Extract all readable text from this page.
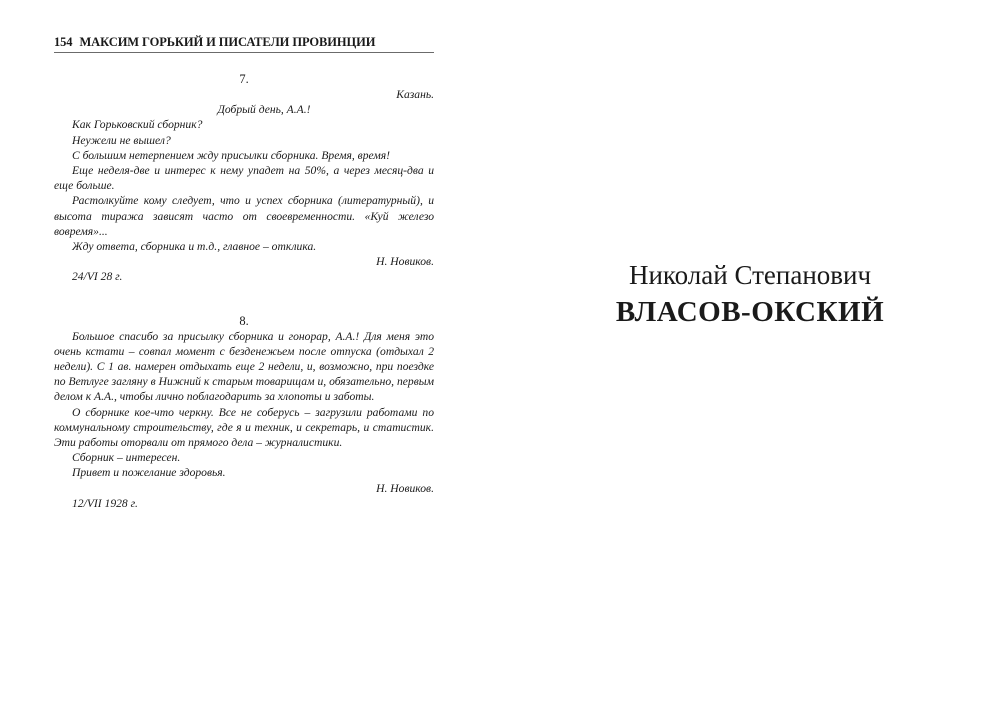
154 МАКСИМ ГОРЬКИЙ И ПИСАТЕЛИ ПРОВИНЦИИ
7.
Казань.
Добрый день, А.А.!

Как Горьковский сборник?

Неужели не вышел?

С большим нетерпением жду присылки сборника. Время, время!

Еще неделя-две и интерес к нему упадет на 50%, а через месяц-два и еще больше.

Растолкуйте кому следует, что и успех сборника (литературный), и высота тиража зависят часто от своевременности. «Куй железо вовремя»...

Жду ответа, сборника и т.д., главное – отклика.

Н. Новиков.
24/VI 28 г.
8.

Большое спасибо за присылку сборника и гонорар, А.А.! Для меня это очень кстати – совпал момент с безденежьем после отпуска (отдыхал 2 недели). С 1 ав. намерен отдыхать еще 2 недели, и, возможно, при поездке по Ветлуге загляну в Нижний к старым товарищам и, обязательно, первым делом к А.А., чтобы лично поблагодарить за хлопоты и заботы.

О сборнике кое-что черкну. Все не соберусь – загрузили работами по коммунальному строительству, где я и техник, и секретарь, и статистик. Эти работы оторвали от прямого дела – журналистики.

Сборник – интересен.

Привет и пожелание здоровья.

Н. Новиков.
12/VII 1928 г.
Николай Степанович
ВЛАСОВ-ОКСКИЙ
